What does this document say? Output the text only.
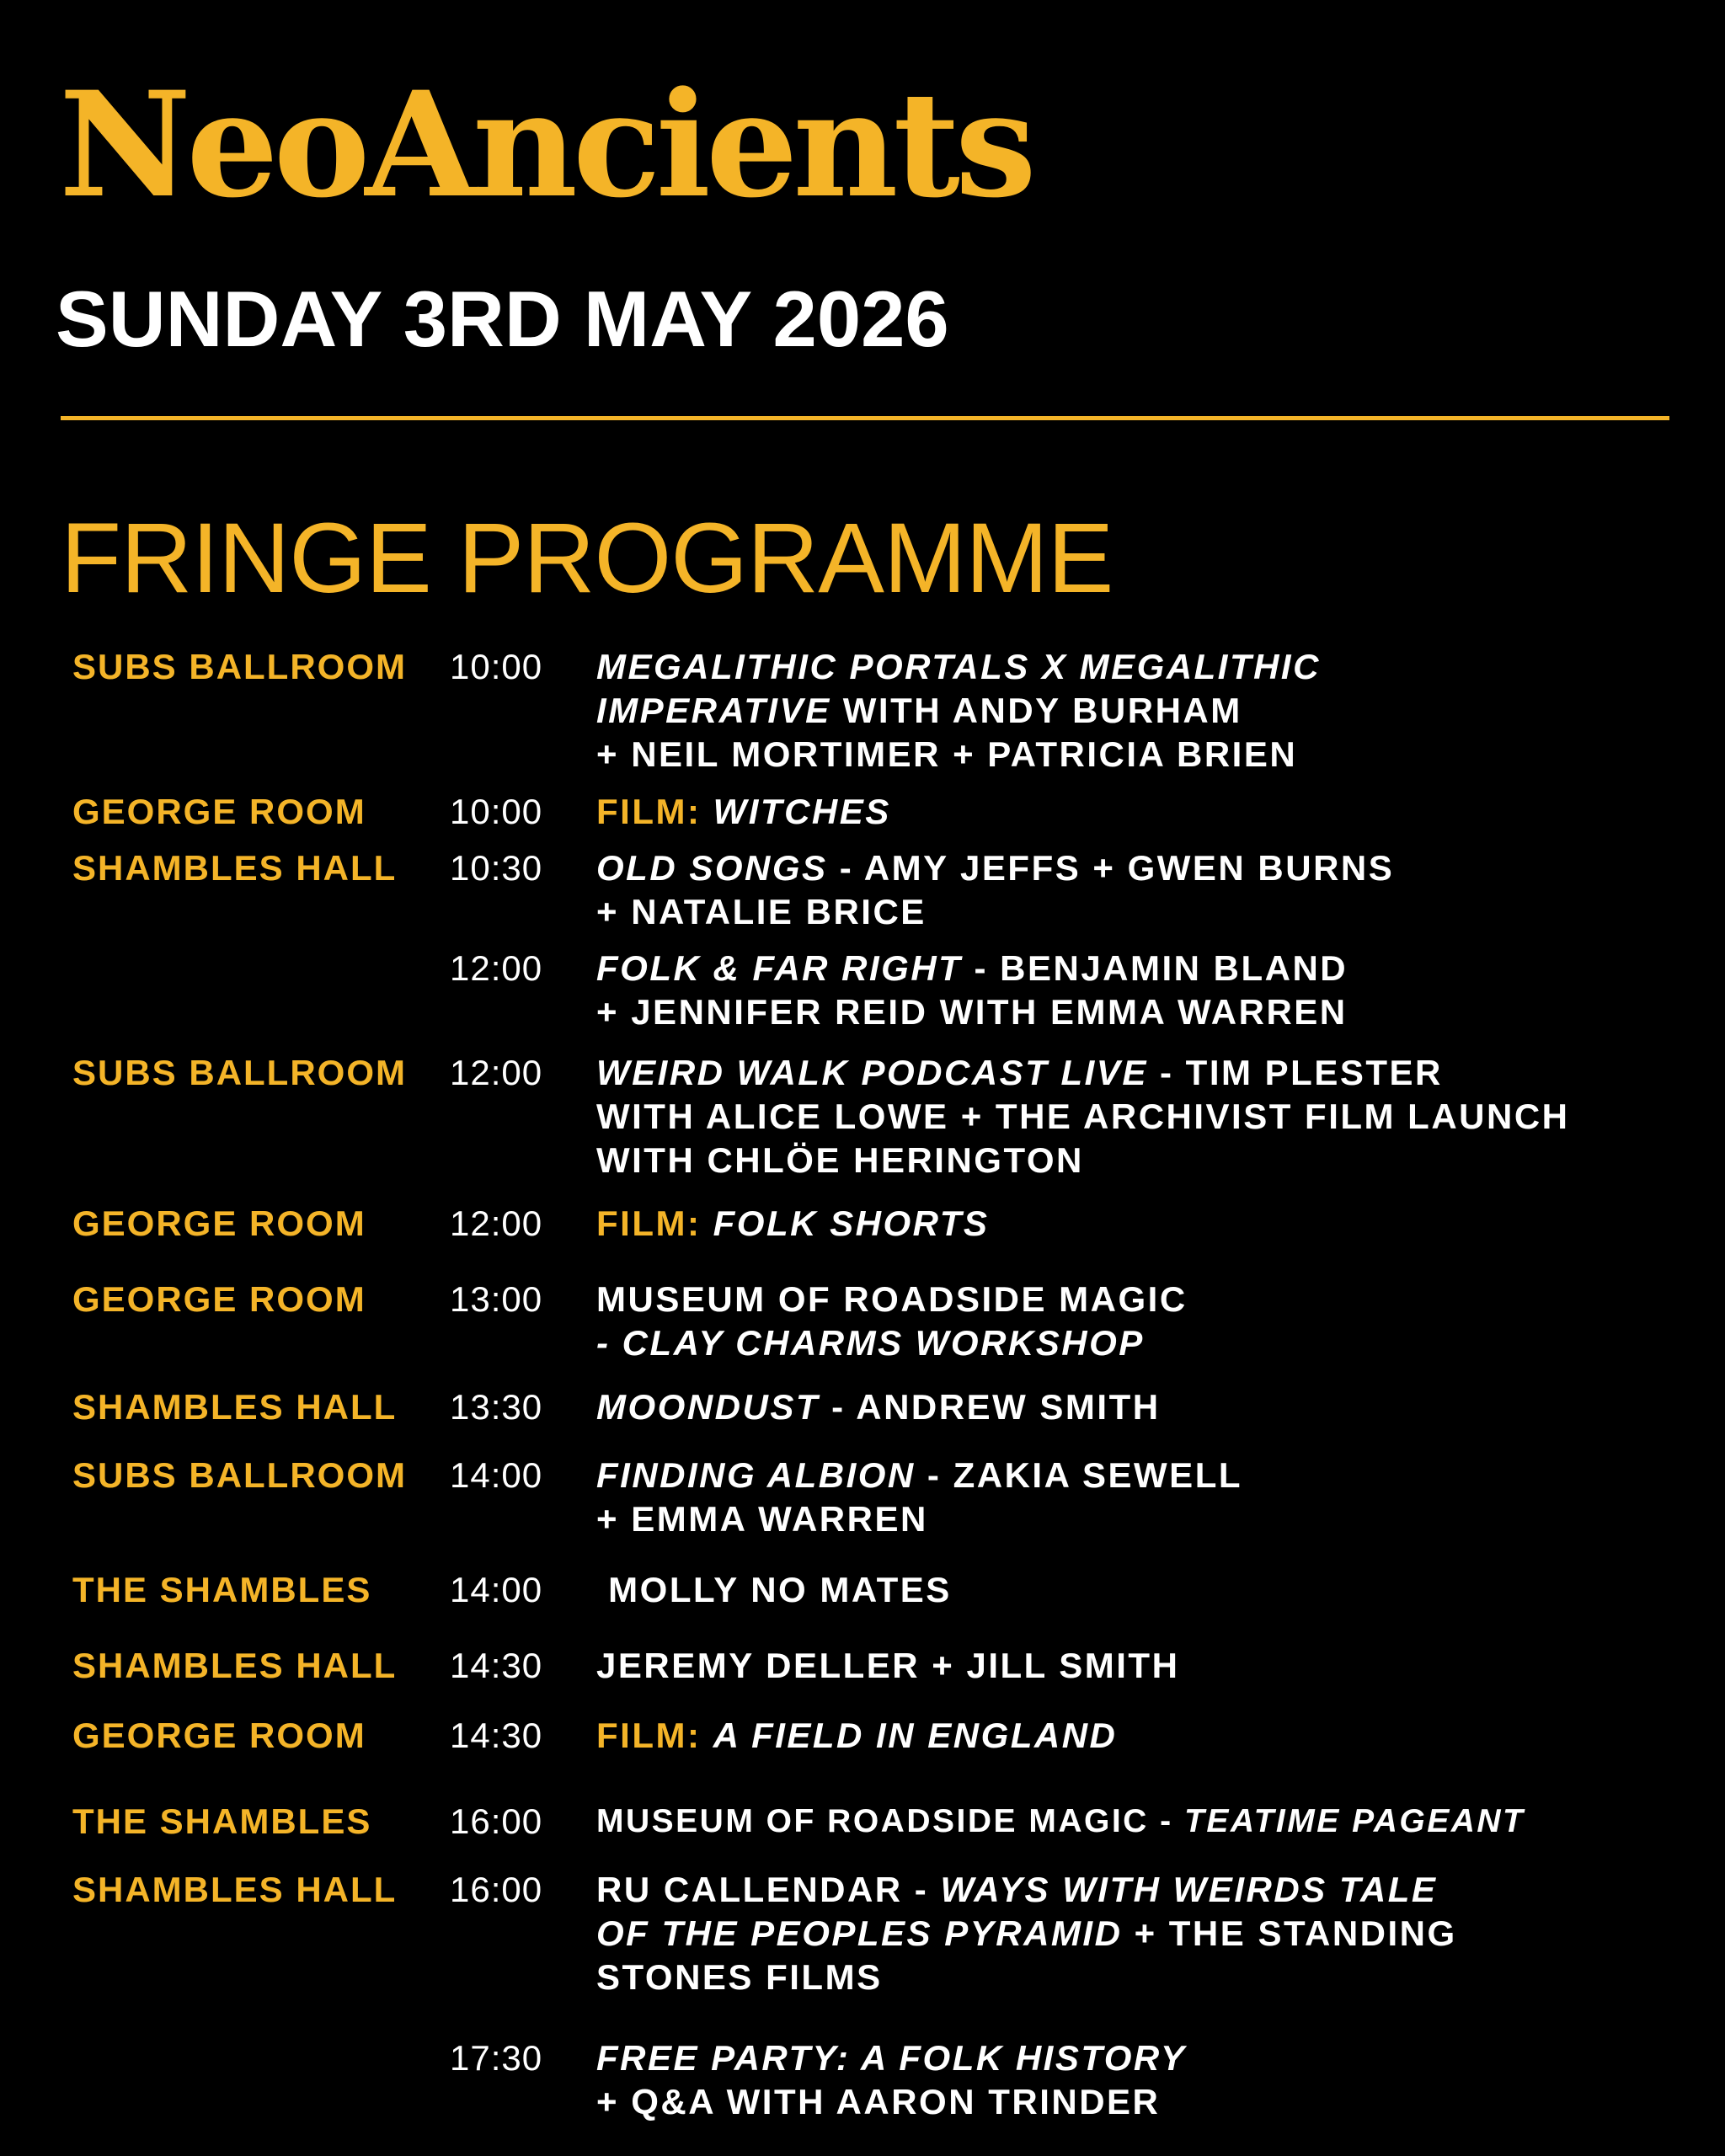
NeoAncients
SUNDAY 3RD MAY 2026
FRINGE PROGRAMME
SUBS BALLROOM 10:00 MEGALITHIC PORTALS X MEGALITHIC
IMPERATIVE WITH ANDY BURHAM
+ NEIL MORTIMER + PATRICIA BRIEN
GEORGE ROOM 10:00 FILM: WITCHES
SHAMBLES HALL 10:30 OLD SONGS - AMY JEFFS + GWEN BURNS
+ NATALIE BRICE
12:00 FOLK & FAR RIGHT - BENJAMIN BLAND
+ JENNIFER REID WITH EMMA WARREN
SUBS BALLROOM 12:00 WEIRD WALK PODCAST LIVE - TIM PLESTER
WITH ALICE LOWE + THE ARCHIVIST FILM LAUNCH
WITH CHLÖE HERINGTON
GEORGE ROOM 12:00 FILM: FOLK SHORTS
GEORGE ROOM 13:00 MUSEUM OF ROADSIDE MAGIC
- CLAY CHARMS WORKSHOP
SHAMBLES HALL 13:30 MOONDUST - ANDREW SMITH
SUBS BALLROOM 14:00 FINDING ALBION - ZAKIA SEWELL
+ EMMA WARREN
THE SHAMBLES 14:00 MOLLY NO MATES
SHAMBLES HALL 14:30 JEREMY DELLER + JILL SMITH
GEORGE ROOM 14:30 FILM: A FIELD IN ENGLAND
THE SHAMBLES 16:00 MUSEUM OF ROADSIDE MAGIC - TEATIME PAGEANT
SHAMBLES HALL 16:00 RU CALLENDAR - WAYS WITH WEIRDS TALE
OF THE PEOPLES PYRAMID + THE STANDING
STONES FILMS
17:30 FREE PARTY: A FOLK HISTORY
+ Q&A WITH AARON TRINDER
